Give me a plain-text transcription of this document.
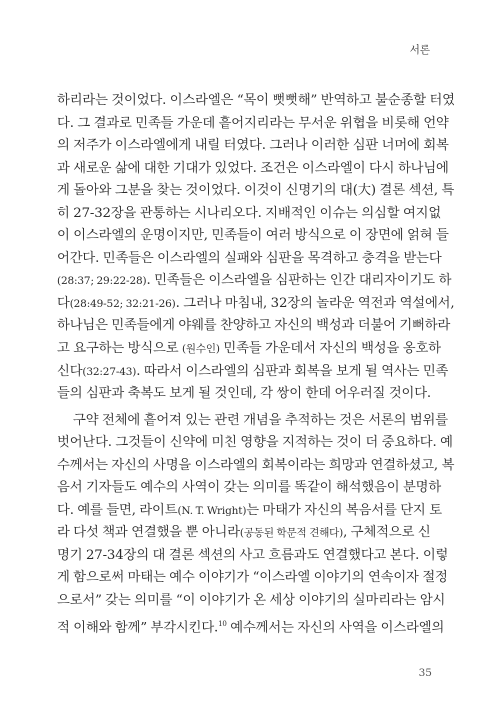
서론
하리라는 것이었다. 이스라엘은 “목이 뻣뻣해” 반역하고 불순종할 터였
다. 그 결과로 민족들 가운데 흩어지리라는 무서운 위협을 비롯해 언약
의 저주가 이스라엘에게 내릴 터였다. 그러나 이러한 심판 너머에 회복
과 새로운 삶에 대한 기대가 있었다. 조건은 이스라엘이 다시 하나님에
게 돌아와 그분을 찾는 것이었다. 이것이 신명기의 대(大) 결론 섹션, 특
히 27-32장을 관통하는 시나리오다. 지배적인 이슈는 의심할 여지없
이 이스라엘의 운명이지만, 민족들이 여러 방식으로 이 장면에 얽혀 들
어간다. 민족들은 이스라엘의 실패와 심판을 목격하고 충격을 받는다
(28:37; 29:22-28). 민족들은 이스라엘을 심판하는 인간 대리자이기도 하
다(28:49-52; 32:21-26). 그러나 마침내, 32장의 놀라운 역전과 역설에서,
하나님은 민족들에게 야웨를 찬양하고 자신의 백성과 더불어 기뻐하라
고 요구하는 방식으로 (원수인) 민족들 가운데서 자신의 백성을 옹호하
신다(32:27-43). 따라서 이스라엘의 심판과 회복을 보게 될 역사는 민족
들의 심판과 축복도 보게 될 것인데, 각 쌍이 한데 어우러질 것이다.
구약 전체에 흩어져 있는 관련 개념을 추적하는 것은 서론의 범위를
벗어난다. 그것들이 신약에 미친 영향을 지적하는 것이 더 중요하다. 예
수께서는 자신의 사명을 이스라엘의 회복이라는 희망과 연결하셨고, 복
음서 기자들도 예수의 사역이 갖는 의미를 똑같이 해석했음이 분명하
다. 예를 들면, 라이트(N. T. Wright)는 마태가 자신의 복음서를 단지 토
라 다섯 책과 연결했을 뿐 아니라(공동된 학문적 견해다), 구체적으로 신
명기 27-34장의 대 결론 섹션의 사고 흐름과도 연결했다고 본다. 이렇
게 함으로써 마태는 예수 이야기가 “이스라엘 이야기의 연속이자 절정
으로서” 갖는 의미를 “이 이야기가 온 세상 이야기의 실마리라는 암시
적 이해와 함께” 부각시킨다.$^{10}$ 예수께서는 자신의 사역을 이스라엘의
35
